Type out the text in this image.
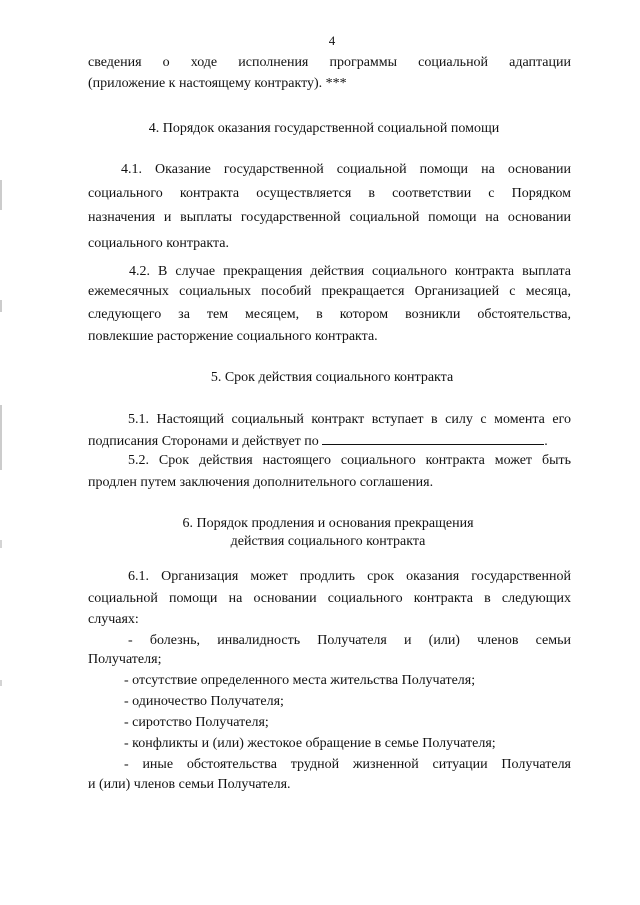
4
сведения о ходе исполнения программы социальной адаптации
(приложение к настоящему контракту). ***
4. Порядок оказания государственной социальной помощи
4.1. Оказание государственной социальной помощи на основании
социального контракта осуществляется в соответствии с Порядком
назначения и выплаты государственной социальной помощи на основании
социального контракта.
4.2. В случае прекращения действия социального контракта выплата
ежемесячных социальных пособий прекращается Организацией с месяца,
следующего за тем месяцем, в котором возникли обстоятельства,
повлекшие расторжение социального контракта.
5. Срок действия социального контракта
5.1. Настоящий социальный контракт вступает в силу с момента его
подписания Сторонами и действует по	.
5.2. Срок действия настоящего социального контракта может быть
продлен путем заключения дополнительного соглашения.
6. Порядок продления и основания прекращения
действия социального контракта
6.1. Организация может продлить срок оказания государственной
социальной помощи на основании социального контракта в следующих
случаях:
- болезнь, инвалидность Получателя и (или) членов семьи
Получателя;
- отсутствие определенного места жительства Получателя;
- одиночество Получателя;
- сиротство Получателя;
- конфликты и (или) жестокое обращение в семье Получателя;
- иные обстоятельства трудной жизненной ситуации Получателя
и (или) членов семьи Получателя.
